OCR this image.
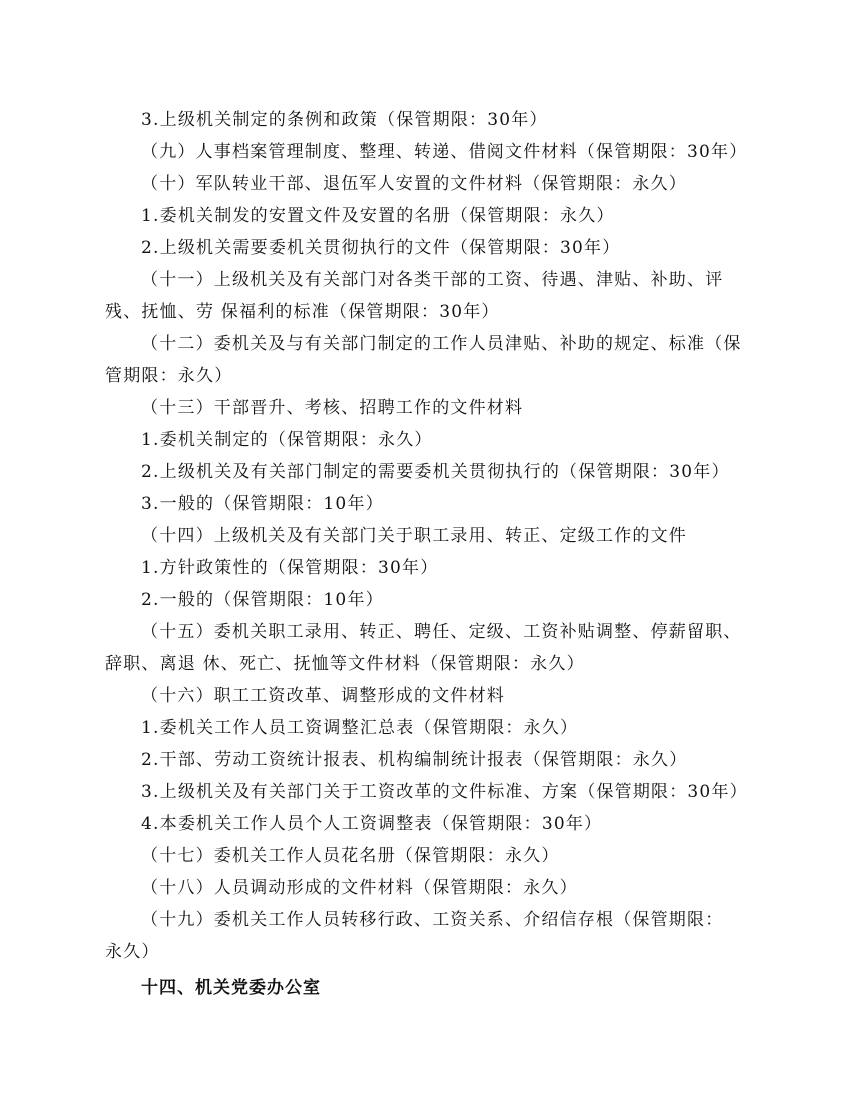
3.上级机关制定的条例和政策（保管期限：30年）
（九）人事档案管理制度、整理、转递、借阅文件材料（保管期限：30年）
（十）军队转业干部、退伍军人安置的文件材料（保管期限：永久）
1.委机关制发的安置文件及安置的名册（保管期限：永久）
2.上级机关需要委机关贯彻执行的文件（保管期限：30年）
（十一）上级机关及有关部门对各类干部的工资、待遇、津贴、补助、评
残、抚恤、劳 保福利的标准（保管期限：30年）
（十二）委机关及与有关部门制定的工作人员津贴、补助的规定、标准（保
管期限：永久）
（十三）干部晋升、考核、招聘工作的文件材料
1.委机关制定的（保管期限：永久）
2.上级机关及有关部门制定的需要委机关贯彻执行的（保管期限：30年）
3.一般的（保管期限：10年）
（十四）上级机关及有关部门关于职工录用、转正、定级工作的文件
1.方针政策性的（保管期限：30年）
2.一般的（保管期限：10年）
（十五）委机关职工录用、转正、聘任、定级、工资补贴调整、停薪留职、
辞职、离退 休、死亡、抚恤等文件材料（保管期限：永久）
（十六）职工工资改革、调整形成的文件材料
1.委机关工作人员工资调整汇总表（保管期限：永久）
2.干部、劳动工资统计报表、机构编制统计报表（保管期限：永久）
3.上级机关及有关部门关于工资改革的文件标准、方案（保管期限：30年）
4.本委机关工作人员个人工资调整表（保管期限：30年）
（十七）委机关工作人员花名册（保管期限：永久）
（十八）人员调动形成的文件材料（保管期限：永久）
（十九）委机关工作人员转移行政、工资关系、介绍信存根（保管期限：
永久）
十四、机关党委办公室
